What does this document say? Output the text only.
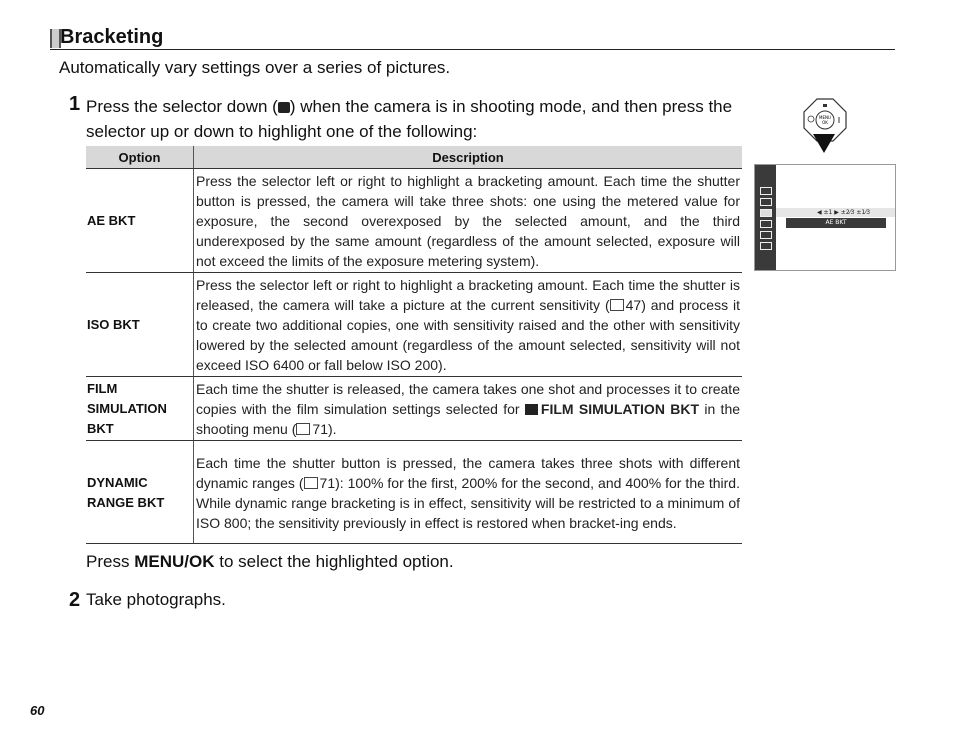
Bracketing
Automatically vary settings over a series of pictures.
1 Press the selector down ( ) when the camera is in shooting mode, and then press the selector up or down to highlight one of the following:
Option	Description
AE BKT	Press the selector left or right to highlight a bracketing amount. Each time the shutter button is pressed, the camera will take three shots: one using the metered value for exposure, the second overexposed by the selected amount, and the third underexposed by the same amount (regardless of the amount selected, exposure will not exceed the limits of the exposure metering system).
ISO BKT	Press the selector left or right to highlight a bracketing amount. Each time the shutter is released, the camera will take a picture at the current sensitivity ( 47) and process it to create two additional copies, one with sensitivity raised and the other with sensitivity lowered by the selected amount (regardless of the amount selected, sensitivity will not exceed ISO 6400 or fall below ISO 200).
FILM SIMULATION BKT	Each time the shutter is released, the camera takes one shot and processes it to create copies with the film simulation settings selected for FILM SIMULATION BKT in the shooting menu ( 71).
DYNAMIC RANGE BKT	Each time the shutter button is pressed, the camera takes three shots with different dynamic ranges ( 71): 100% for the first, 200% for the second, and 400% for the third. While dynamic range bracketing is in effect, sensitivity will be restricted to a minimum of ISO 800; the sensitivity previously in effect is restored when bracket-ing ends.
Press MENU/OK to select the highlighted option.
2 Take photographs.
60
MENU
OK
◀ ±1 ▶ ±2⁄3 ±1⁄3
AE BKT
